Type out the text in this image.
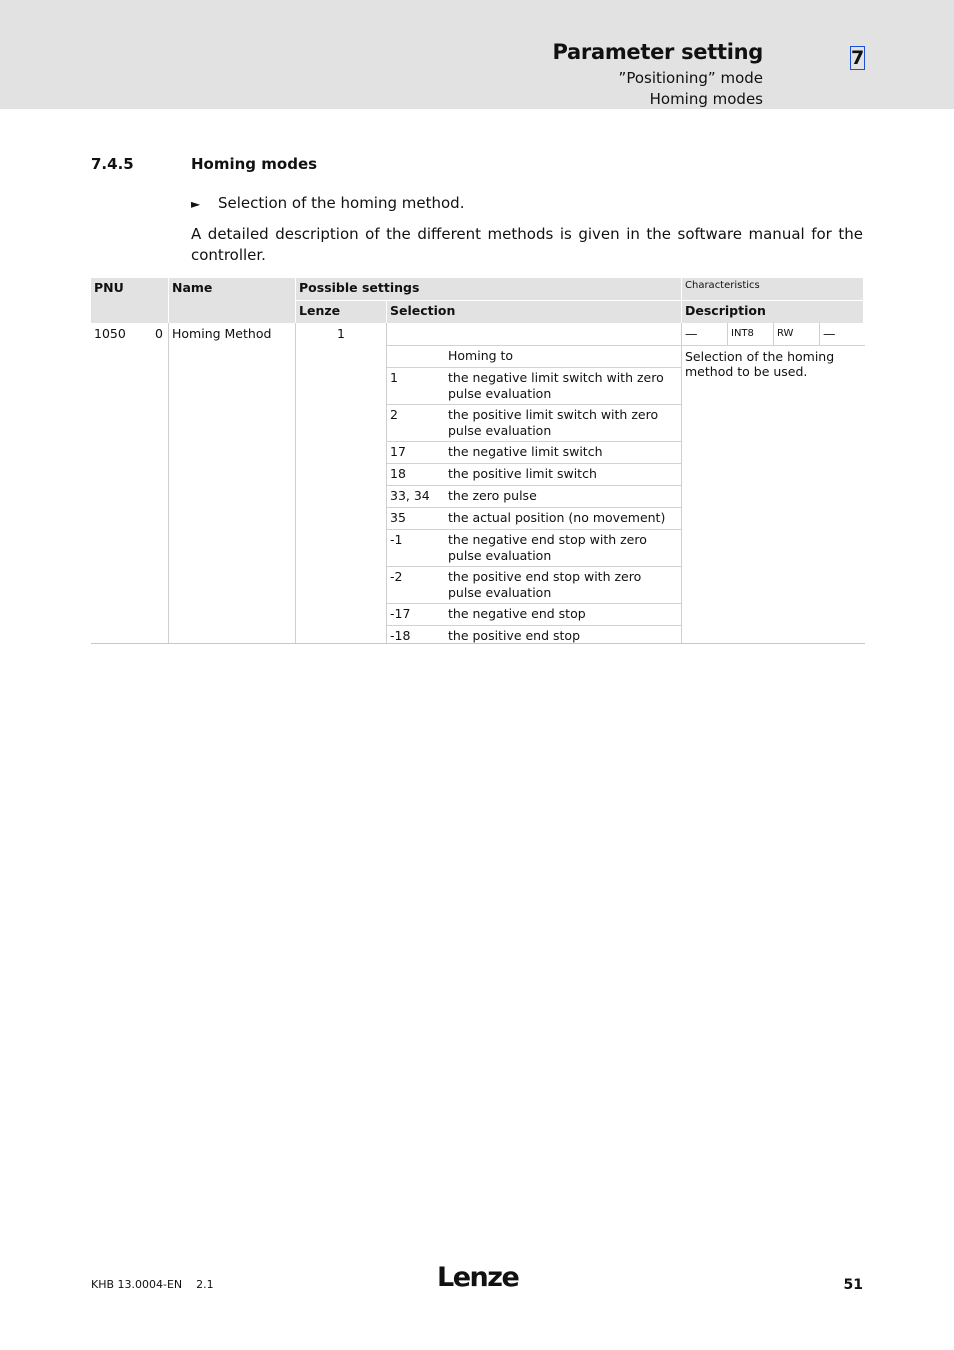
Parameter setting
”Positioning” mode
Homing modes
7
7.4.5	Homing modes
► Selection of the homing method.
A detailed description of the different methods is given in the software manual for the controller.
PNU	Name	Possible settings	Characteristics
Lenze	Selection	Description
1050	0 Homing Method	1	—	INT8	RW	—
Selection of the homing method to be used.
Homing to
1	the negative limit switch with zero pulse evaluation
2	the positive limit switch with zero pulse evaluation
17	the negative limit switch
18	the positive limit switch
33, 34 the zero pulse
35	the actual position (no movement)
-1	the negative end stop with zero pulse evaluation
-2	the positive end stop with zero pulse evaluation
-17	the negative end stop
-18	the positive end stop
KHB 13.0004-EN 2.1	Lenze	51
